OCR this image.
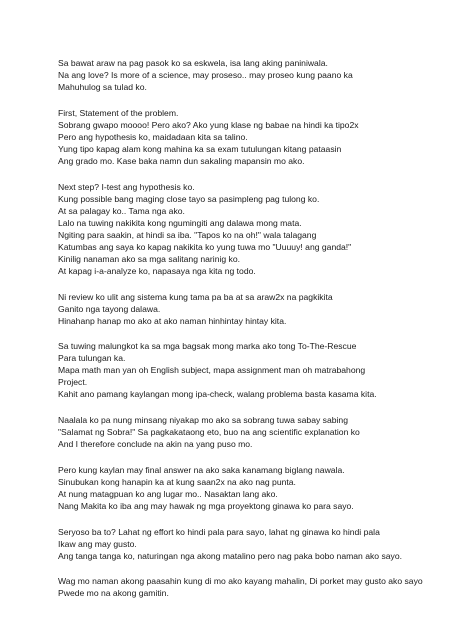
Sa bawat araw na pag pasok ko sa eskwela, isa lang aking paniniwala.
Na ang love? Is more of a science, may proseso.. may proseo kung paano ka
Mahuhulog sa tulad ko.
First, Statement of the problem.
Sobrang gwapo moooo! Pero ako? Ako yung klase ng babae na hindi ka tipo2x
Pero ang hypothesis ko, maidadaan kita sa talino.
Yung tipo kapag alam kong mahina ka sa exam tutulungan kitang pataasin
Ang grado mo. Kase baka namn dun sakaling mapansin mo ako.
Next step? I-test ang hypothesis ko.
Kung possible bang maging close tayo sa pasimpleng pag tulong ko.
At sa palagay ko.. Tama nga ako.
Lalo na tuwing nakikita kong ngumingiti ang dalawa mong mata.
Ngiting para saakin, at hindi sa iba. "Tapos ko na oh!" wala talagang
Katumbas ang saya ko kapag nakikita ko yung tuwa mo "Uuuuy! ang ganda!"
Kinilig nanaman ako sa mga salitang narinig ko.
At kapag i-a-analyze ko, napasaya nga kita ng todo.
Ni review ko ulit ang sistema kung tama pa ba at sa araw2x na pagkikita
Ganito nga tayong dalawa.
Hinahanp hanap mo ako at ako naman hinhintay hintay kita.
Sa tuwing malungkot ka sa mga bagsak mong marka ako tong To-The-Rescue
Para tulungan ka.
Mapa math man yan oh English subject, mapa assignment man oh matrabahong
Project.
Kahit ano pamang kaylangan mong ipa-check, walang problema basta kasama kita.
Naalala ko pa nung minsang niyakap mo ako sa sobrang tuwa sabay sabing
"Salamat ng Sobra!" Sa pagkakataong eto, buo na ang scientific explanation ko
And I therefore conclude na akin na yang puso mo.
Pero kung kaylan may final answer na ako saka kanamang biglang nawala.
Sinubukan kong hanapin ka at kung saan2x na ako nag punta.
At nung matagpuan ko ang lugar mo.. Nasaktan lang ako.
Nang Makita ko iba ang may hawak ng mga proyektong ginawa ko para sayo.
Seryoso ba to? Lahat ng effort ko hindi pala para sayo, lahat ng ginawa ko hindi pala
Ikaw ang may gusto.
Ang tanga tanga ko, naturingan nga akong matalino pero nag paka bobo naman ako sayo.
Wag mo naman akong paasahin kung di mo ako kayang mahalin, Di porket may gusto ako sayo
Pwede mo na akong gamitin.
